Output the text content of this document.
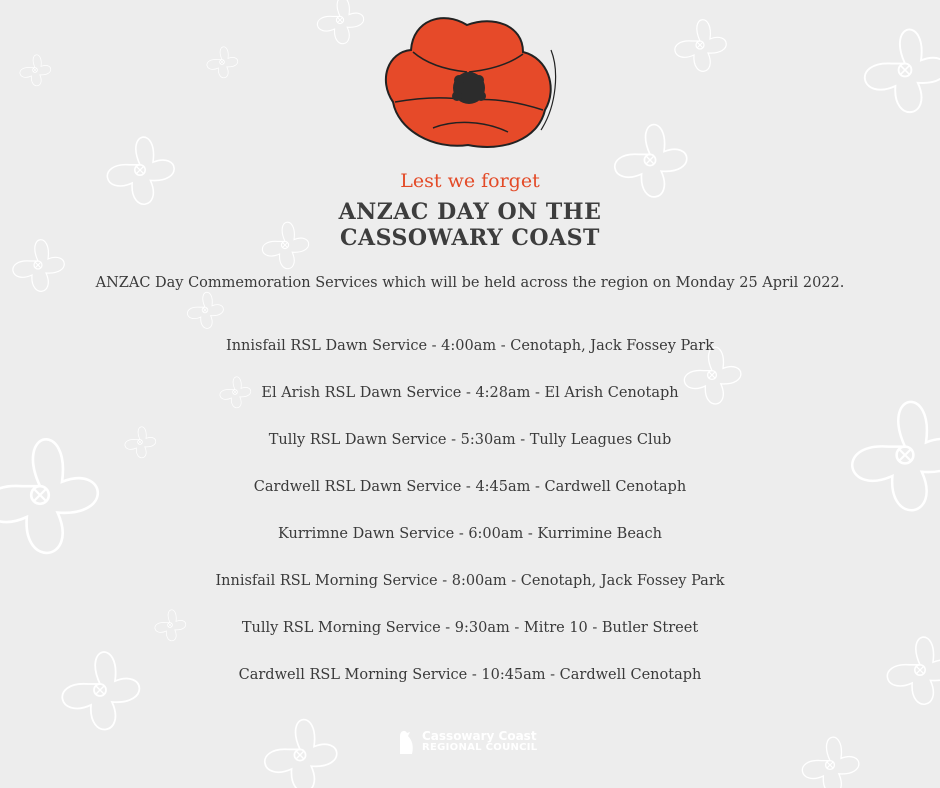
Lest we forget
ANZAC DAY ON THE
CASSOWARY COAST
ANZAC Day Commemoration Services which will be held across the region on Monday 25 April 2022.
Innisfail RSL Dawn Service - 4:00am - Cenotaph, Jack Fossey Park
El Arish RSL Dawn Service - 4:28am - El Arish Cenotaph
Tully RSL Dawn Service - 5:30am - Tully Leagues Club
Cardwell RSL Dawn Service - 4:45am - Cardwell Cenotaph
Kurrimne Dawn Service - 6:00am - Kurrimine Beach
Innisfail RSL Morning Service - 8:00am - Cenotaph, Jack Fossey Park
Tully RSL Morning Service - 9:30am - Mitre 10 - Butler Street
Cardwell RSL Morning Service - 10:45am - Cardwell Cenotaph
Cassowary Coast
REGIONAL COUNCIL
